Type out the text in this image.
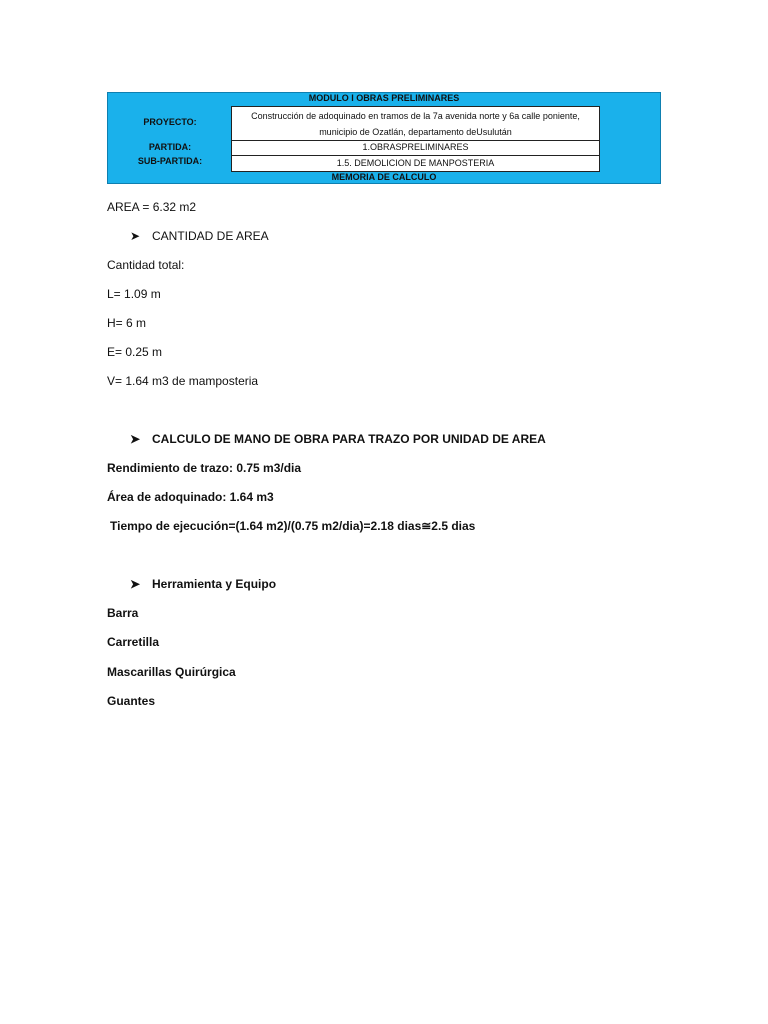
MODULO I OBRAS PRELIMINARES
PROYECTO:
Construcción de adoquinado en tramos de la 7a avenida norte y 6a calle poniente,
municipio de Ozatlán, departamento deUsulután
PARTIDA:	1.OBRASPRELIMINARES
SUB-PARTIDA:	1.5. DEMOLICION DE MANPOSTERIA
MEMORIA DE CALCULO
AREA = 6.32 m2
➤ CANTIDAD DE AREA
Cantidad total:
L= 1.09 m
H= 6 m
E= 0.25 m
V= 1.64 m3 de mamposteria
➤ CALCULO DE MANO DE OBRA PARA TRAZO POR UNIDAD DE AREA
Rendimiento de trazo: 0.75 m3/dia
Área de adoquinado: 1.64 m3
Tiempo de ejecución=(1.64 m2)/(0.75 m2/dia)=2.18 dias≅2.5 dias
➤ Herramienta y Equipo
Barra
Carretilla
Mascarillas Quirúrgica
Guantes
